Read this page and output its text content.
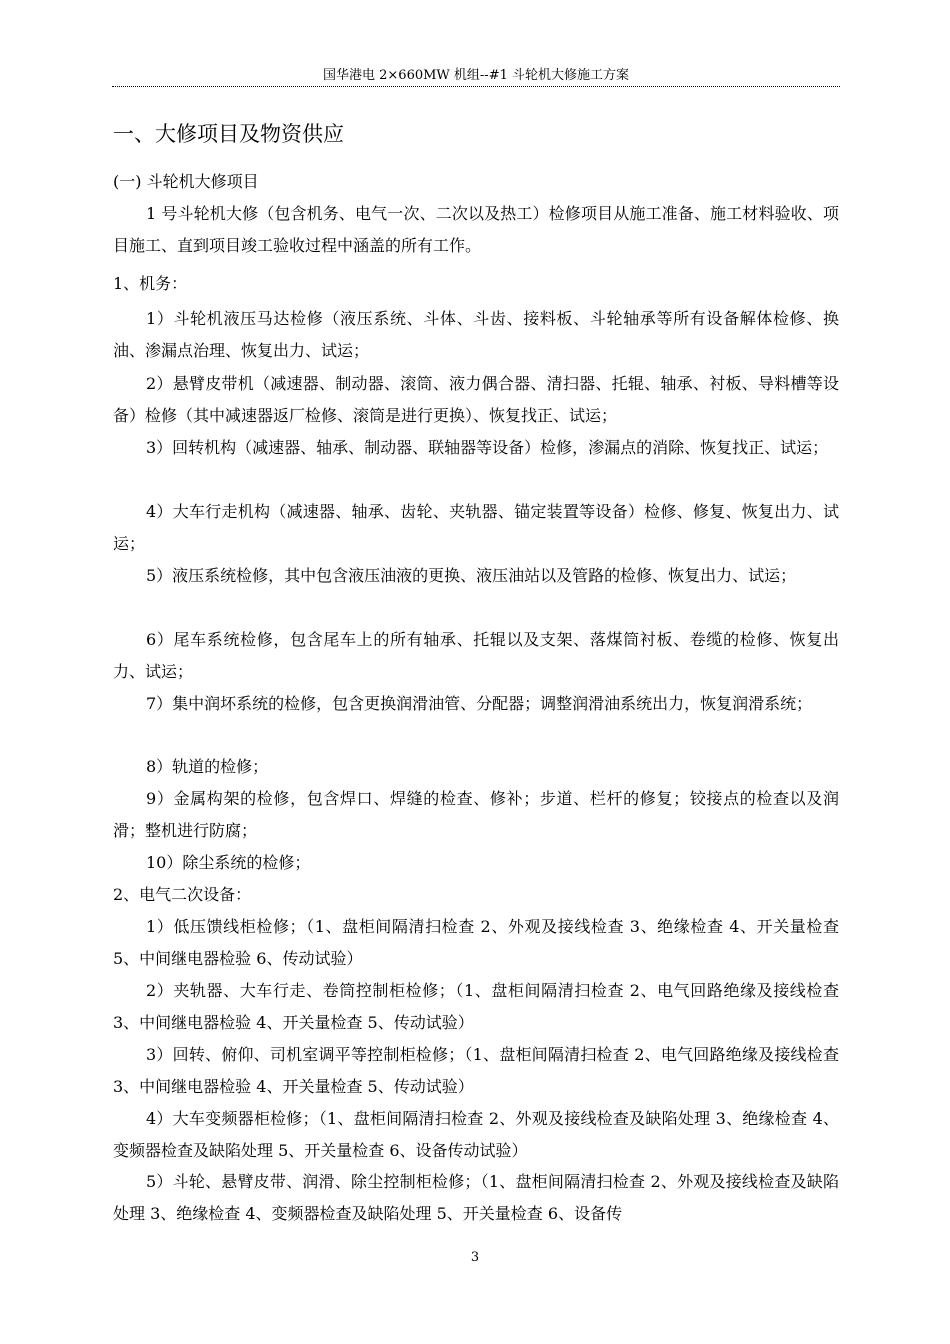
国华港电 2×660MW 机组--#1 斗轮机大修施工方案
一、大修项目及物资供应

(一) 斗轮机大修项目

1 号斗轮机大修（包含机务、电气一次、二次以及热工）检修项目从施工准备、施工材料验收、项目施工、直到项目竣工验收过程中涵盖的所有工作。

1、机务：

1）斗轮机液压马达检修（液压系统、斗体、斗齿、接料板、斗轮轴承等所有设备解体检修、换油、渗漏点治理、恢复出力、试运；

2）悬臂皮带机（减速器、制动器、滚筒、液力偶合器、清扫器、托辊、轴承、衬板、导料槽等设备）检修（其中减速器返厂检修、滚筒是进行更换）、恢复找正、试运；

3）回转机构（减速器、轴承、制动器、联轴器等设备）检修，渗漏点的消除、恢复找正、试运；

4）大车行走机构（减速器、轴承、齿轮、夹轨器、锚定装置等设备）检修、修复、恢复出力、试运；

5）液压系统检修，其中包含液压油液的更换、液压油站以及管路的检修、恢复出力、试运；

6）尾车系统检修，包含尾车上的所有轴承、托辊以及支架、落煤筒衬板、卷缆的检修、恢复出力、试运；

7）集中润坏系统的检修，包含更换润滑油管、分配器；调整润滑油系统出力，恢复润滑系统；

8）轨道的检修；

9）金属构架的检修，包含焊口、焊缝的检查、修补；步道、栏杆的修复；铰接点的检查以及润滑；整机进行防腐；

10）除尘系统的检修；

2、电气二次设备：

1）低压馈线柜检修；（1、盘柜间隔清扫检查 2、外观及接线检查 3、绝缘检查 4、开关量检查 5、中间继电器检验 6、传动试验）

2）夹轨器、大车行走、卷筒控制柜检修；（1、盘柜间隔清扫检查 2、电气回路绝缘及接线检查 3、中间继电器检验 4、开关量检查 5、传动试验）

3）回转、俯仰、司机室调平等控制柜检修；（1、盘柜间隔清扫检查 2、电气回路绝缘及接线检查 3、中间继电器检验 4、开关量检查 5、传动试验）

4）大车变频器柜检修；（1、盘柜间隔清扫检查 2、外观及接线检查及缺陷处理 3、绝缘检查 4、变频器检查及缺陷处理 5、开关量检查 6、设备传动试验）

5）斗轮、悬臂皮带、润滑、除尘控制柜检修；（1、盘柜间隔清扫检查 2、外观及接线检查及缺陷处理 3、绝缘检查 4、变频器检查及缺陷处理 5、开关量检查 6、设备传

3
